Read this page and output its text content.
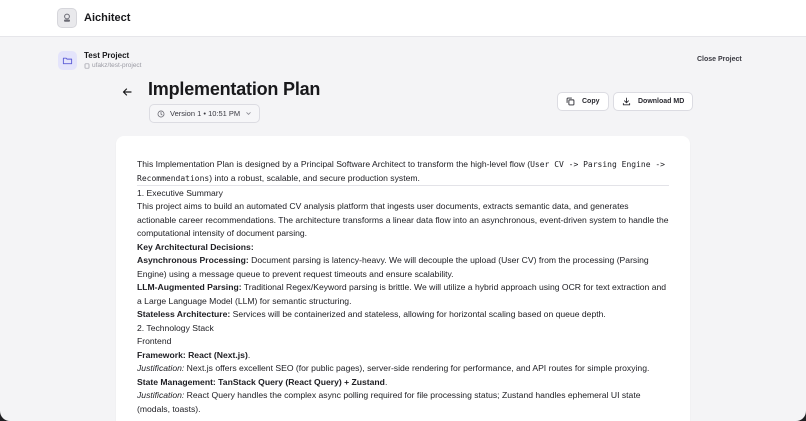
Aichitect
Test Project
ufakz/test-project
Close Project
Implementation Plan
Version 1 • 10:51 PM
Copy	Download MD

This Implementation Plan is designed by a Principal Software Architect to transform the high-level flow (User CV -> Parsing Engine -> Recommendations) into a robust, scalable, and secure production system.

1. Executive Summary

This project aims to build an automated CV analysis platform that ingests user documents, extracts semantic data, and generates actionable career recommendations. The architecture transforms a linear data flow into an asynchronous, event-driven system to handle the computational intensity of document parsing.

Key Architectural Decisions:

Asynchronous Processing: Document parsing is latency-heavy. We will decouple the upload (User CV) from the processing (Parsing Engine) using a message queue to prevent request timeouts and ensure scalability.

LLM-Augmented Parsing: Traditional Regex/Keyword parsing is brittle. We will utilize a hybrid approach using OCR for text extraction and a Large Language Model (LLM) for semantic structuring.

Stateless Architecture: Services will be containerized and stateless, allowing for horizontal scaling based on queue depth.

2. Technology Stack

Frontend

Framework: React (Next.js).

Justification: Next.js offers excellent SEO (for public pages), server-side rendering for performance, and API routes for simple proxying.

State Management: TanStack Query (React Query) + Zustand.

Justification: React Query handles the complex async polling required for file processing status; Zustand handles ephemeral UI state (modals, toasts).
